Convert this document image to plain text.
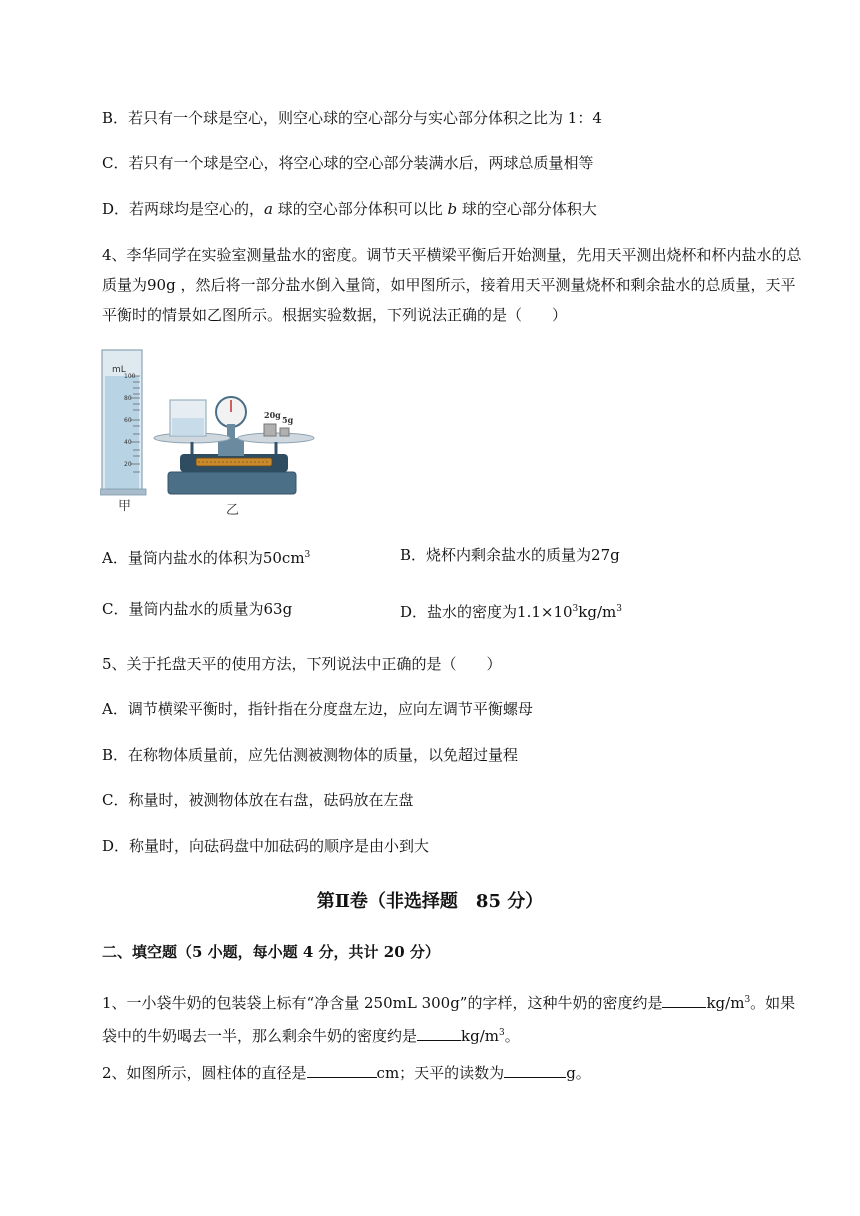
B．若只有一个球是空心，则空心球的空心部分与实心部分体积之比为 1：4
C．若只有一个球是空心，将空心球的空心部分装满水后，两球总质量相等
D．若两球均是空心的，a 球的空心部分体积可以比 b 球的空心部分体积大
4、李华同学在实验室测量盐水的密度。调节天平横梁平衡后开始测量，先用天平测出烧杯和杯内盐水的总质量为90g ，然后将一部分盐水倒入量筒，如甲图所示，接着用天平测量烧杯和剩余盐水的总质量，天平平衡时的情景如乙图所示。根据实验数据，下列说法正确的是（　　）
mL
100
80
60
40
20
20g 5g
甲	乙
A．量筒内盐水的体积为$50cm^3$	B．烧杯内剩余盐水的质量为27g
C．量筒内盐水的质量为63g	D．盐水的密度为$1.1\times 10^3kg/m^3$
5、关于托盘天平的使用方法，下列说法中正确的是（　　）
A．调节横梁平衡时，指针指在分度盘左边，应向左调节平衡螺母
B．在称物体质量前，应先估测被测物体的质量，以免超过量程
C．称量时，被测物体放在右盘，砝码放在左盘
D．称量时，向砝码盘中加砝码的顺序是由小到大
第Ⅱ卷（非选择题　85 分）
二、填空题（5 小题，每小题 4 分，共计 20 分）
1、一小袋牛奶的包装袋上标有“净含量 250mL 300g”的字样，这种牛奶的密度约是	$kg/m^3$。如果袋中的牛奶喝去一半，那么剩余牛奶的密度约是	$kg/m^3$。
2、如图所示，圆柱体的直径是	cm；天平的读数为	g。
